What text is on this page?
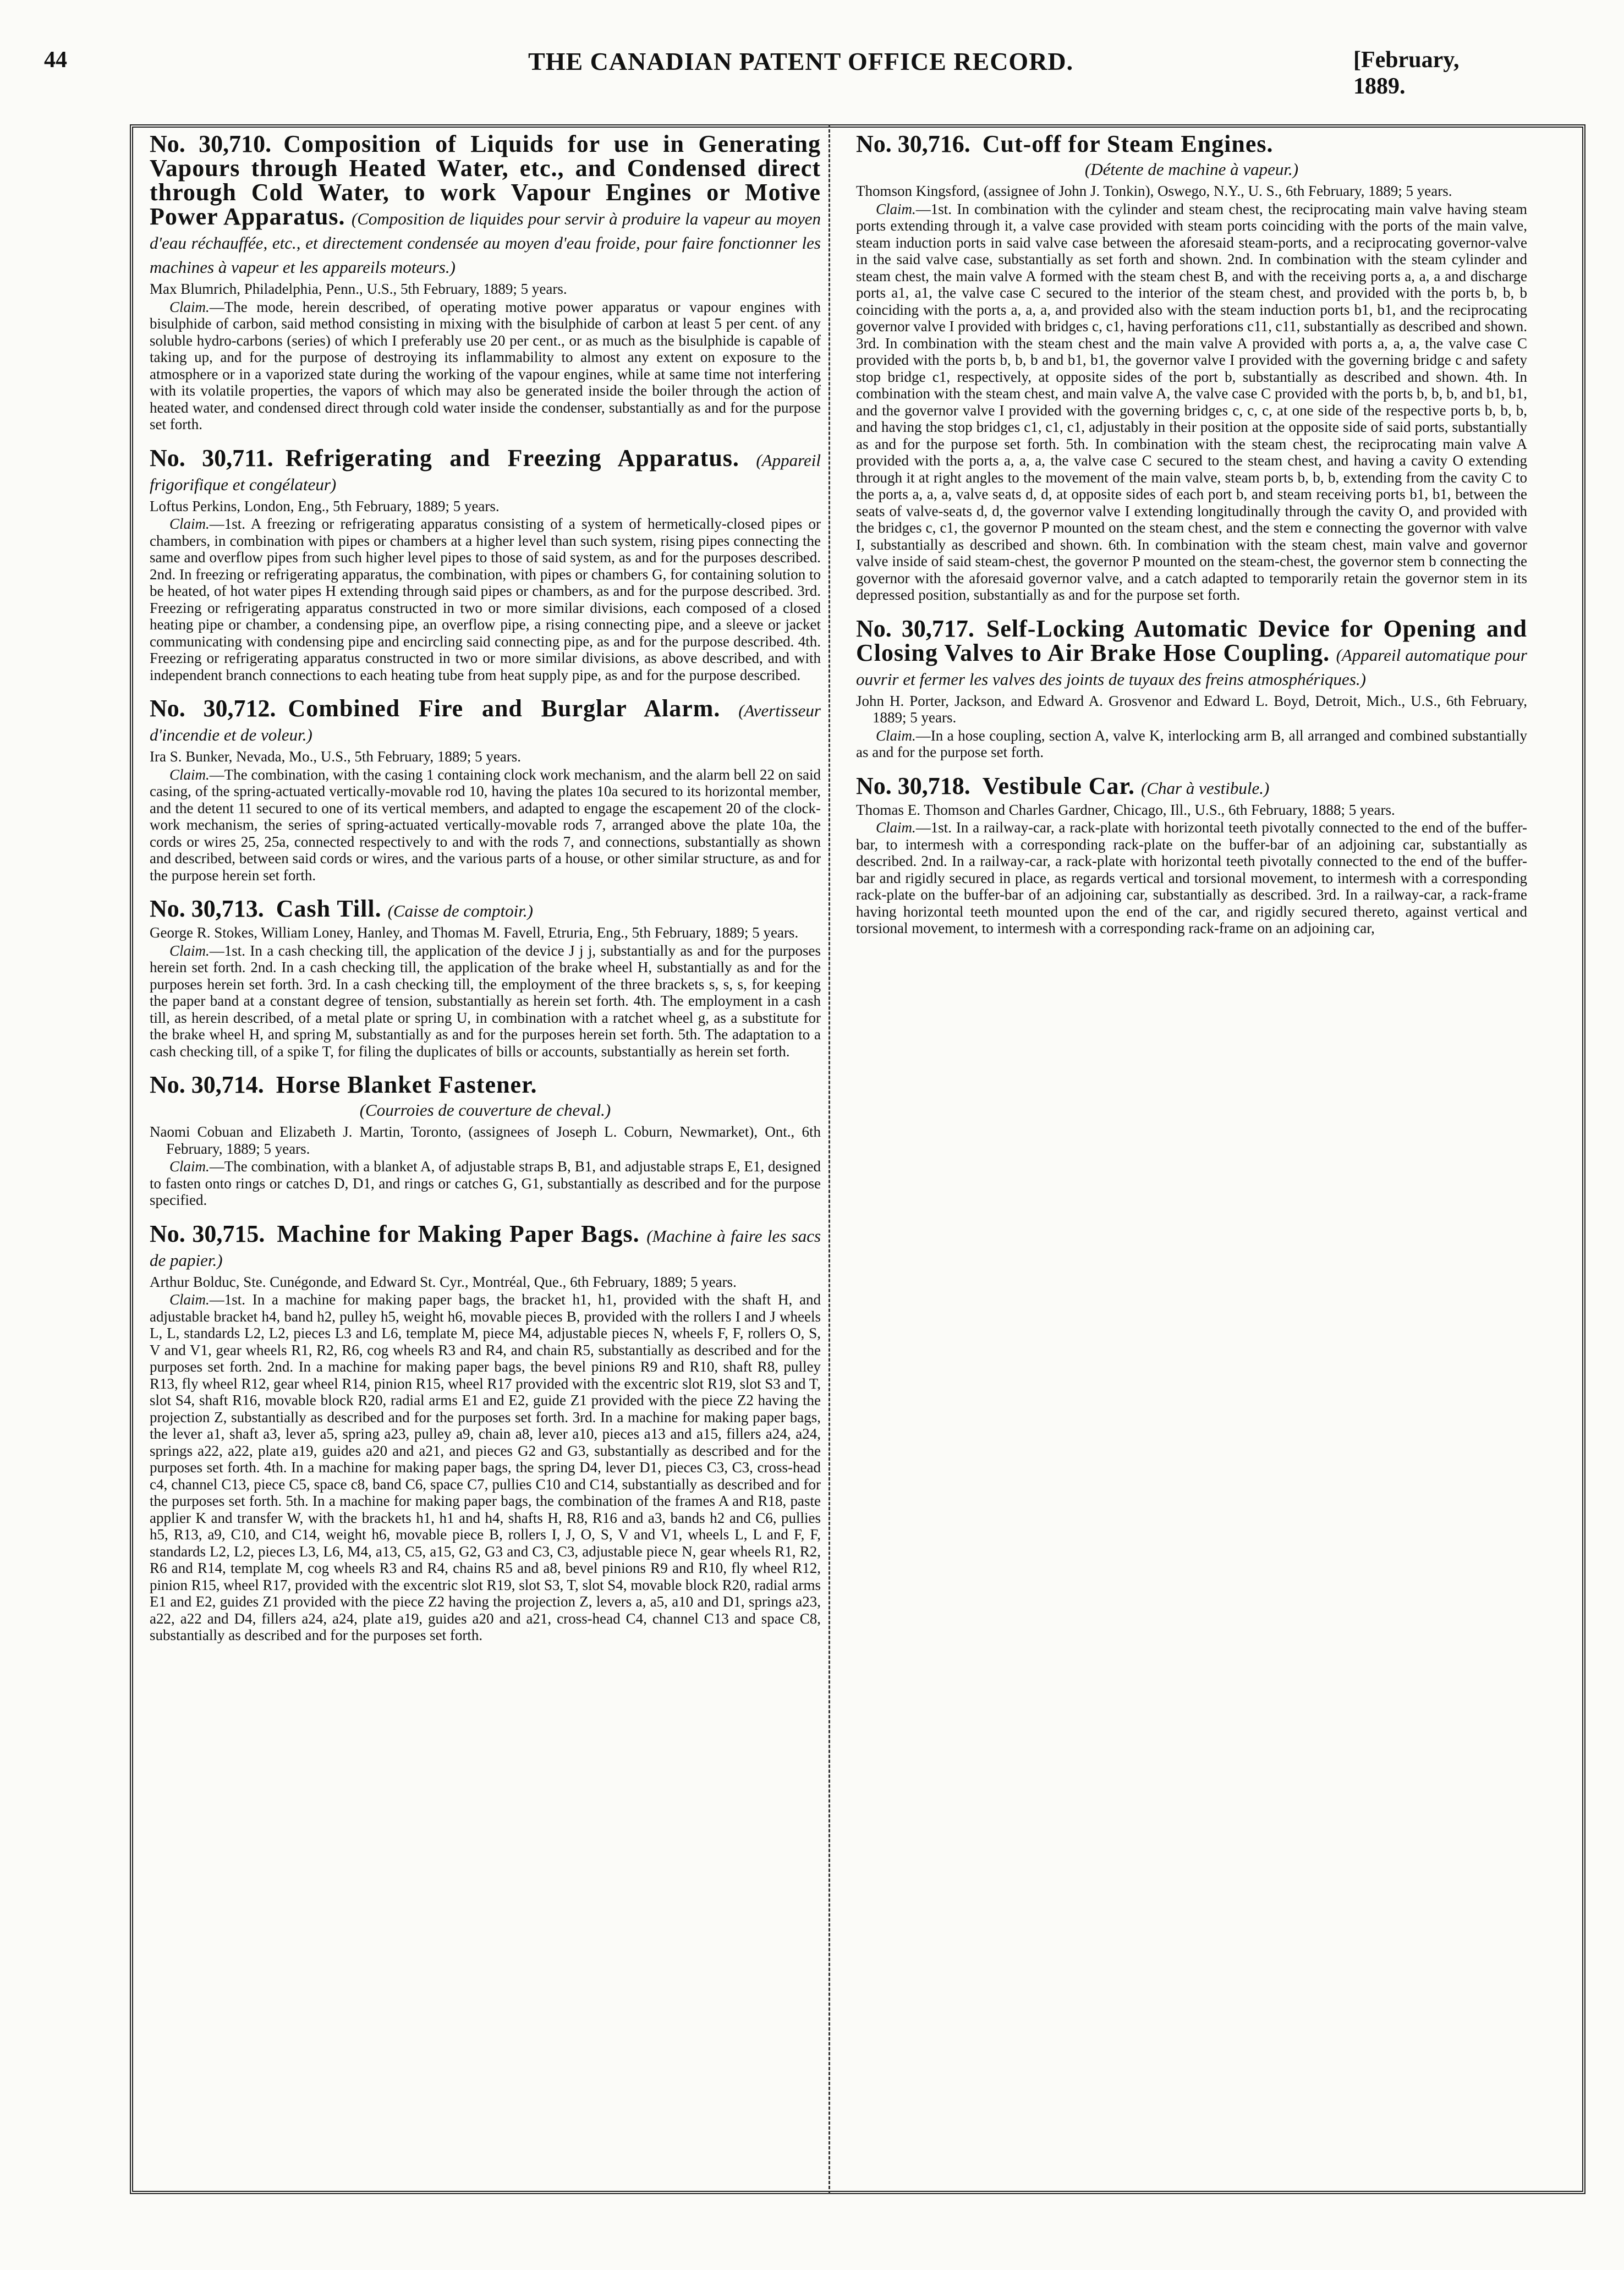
44	THE CANADIAN PATENT OFFICE RECORD.	[February, 1889.
No. 30,710. Composition of Liquids for use in Generating Vapours through Heated Water, etc., and Condensed direct through Cold Water, to work Vapour Engines or Motive Power Apparatus. (Composition de liquides pour servir à produire la vapeur au moyen d'eau réchauffée, etc., et directement condensée au moyen d'eau froide, pour faire fonctionner les machines à vapeur et les appareils moteurs.)

Max Blumrich, Philadelphia, Penn., U.S., 5th February, 1889; 5 years.

Claim.—The mode, herein described, of operating motive power apparatus or vapour engines with bisulphide of carbon, said method consisting in mixing with the bisulphide of carbon at least 5 per cent. of any soluble hydro-carbons (series) of which I preferably use 20 per cent., or as much as the bisulphide is capable of taking up, and for the purpose of destroying its inflammability to almost any extent on exposure to the atmosphere or in a vaporized state during the working of the vapour engines, while at same time not interfering with its volatile properties, the vapors of which may also be generated inside the boiler through the action of heated water, and condensed direct through cold water inside the condenser, substantially as and for the purpose set forth.

No. 30,711. Refrigerating and Freezing Apparatus. (Appareil frigorifique et congélateur)

Loftus Perkins, London, Eng., 5th February, 1889; 5 years.

Claim.—1st. A freezing or refrigerating apparatus consisting of a system of hermetically-closed pipes or chambers, in combination with pipes or chambers at a higher level than such system, rising pipes connecting the same and overflow pipes from such higher level pipes to those of said system, as and for the purposes described. 2nd. In freezing or refrigerating apparatus, the combination, with pipes or chambers G, for containing solution to be heated, of hot water pipes H extending through said pipes or chambers, as and for the purpose described. 3rd. Freezing or refrigerating apparatus constructed in two or more similar divisions, each composed of a closed heating pipe or chamber, a condensing pipe, an overflow pipe, a rising connecting pipe, and a sleeve or jacket communicating with condensing pipe and encircling said connecting pipe, as and for the purpose described. 4th. Freezing or refrigerating apparatus constructed in two or more similar divisions, as above described, and with independent branch connections to each heating tube from heat supply pipe, as and for the purpose described.

No. 30,712. Combined Fire and Burglar Alarm. (Avertisseur d'incendie et de voleur.)

Ira S. Bunker, Nevada, Mo., U.S., 5th February, 1889; 5 years.

Claim.—The combination, with the casing 1 containing clock work mechanism, and the alarm bell 22 on said casing, of the spring-actuated vertically-movable rod 10, having the plates 10a secured to its horizontal member, and the detent 11 secured to one of its vertical members, and adapted to engage the escapement 20 of the clock-work mechanism, the series of spring-actuated vertically-movable rods 7, arranged above the plate 10a, the cords or wires 25, 25a, connected respectively to and with the rods 7, and connections, substantially as shown and described, between said cords or wires, and the various parts of a house, or other similar structure, as and for the purpose herein set forth.

No. 30,713. Cash Till. (Caisse de comptoir.)

George R. Stokes, William Loney, Hanley, and Thomas M. Favell, Etruria, Eng., 5th February, 1889; 5 years.

Claim.—1st. In a cash checking till, the application of the device J j j, substantially as and for the purposes herein set forth. 2nd. In a cash checking till, the application of the brake wheel H, substantially as and for the purposes herein set forth. 3rd. In a cash checking till, the employment of the three brackets s, s, s, for keeping the paper band at a constant degree of tension, substantially as herein set forth. 4th. The employment in a cash till, as herein described, of a metal plate or spring U, in combination with a ratchet wheel g, as a substitute for the brake wheel H, and spring M, substantially as and for the purposes herein set forth. 5th. The adaptation to a cash checking till, of a spike T, for filing the duplicates of bills or accounts, substantially as herein set forth.

No. 30,714. Horse Blanket Fastener.

(Courroies de couverture de cheval.)

Naomi Cobuan and Elizabeth J. Martin, Toronto, (assignees of Joseph L. Coburn, Newmarket), Ont., 6th February, 1889; 5 years.

Claim.—The combination, with a blanket A, of adjustable straps B, B1, and adjustable straps E, E1, designed to fasten onto rings or catches D, D1, and rings or catches G, G1, substantially as described and for the purpose specified.

No. 30,715. Machine for Making Paper Bags. (Machine à faire les sacs de papier.)

Arthur Bolduc, Ste. Cunégonde, and Edward St. Cyr., Montréal, Que., 6th February, 1889; 5 years.

Claim.—1st. In a machine for making paper bags, the bracket h1, h1, provided with the shaft H, and adjustable bracket h4, band h2, pulley h5, weight h6, movable pieces B, provided with the rollers I and J wheels L, L, standards L2, L2, pieces L3 and L6, template M, piece M4, adjustable pieces N, wheels F, F, rollers O, S, V and V1, gear wheels R1, R2, R6, cog wheels R3 and R4, and chain R5, substantially as described and for the purposes set forth. 2nd. In a machine for making paper bags, the bevel pinions R9 and R10, shaft R8, pulley R13, fly wheel R12, gear wheel R14, pinion R15, wheel R17 provided with the excentric slot R19, slot S3 and T, slot S4, shaft R16, movable block R20, radial arms E1 and E2, guide Z1 provided with the piece Z2 having the projection Z, substantially as described and for the purposes set forth. 3rd. In a machine for making paper bags, the lever a1, shaft a3, lever a5, spring a23, pulley a9, chain a8, lever a10, pieces a13 and a15, fillers a24, a24, springs a22, a22, plate a19, guides a20 and a21, and pieces G2 and G3, substantially as described and for the purposes set forth. 4th. In a machine for making paper bags, the spring D4, lever D1, pieces C3, C3, cross-head c4, channel C13, piece C5, space c8, band C6, space C7, pullies C10 and C14, substantially as described and for the purposes set forth. 5th. In a machine for making paper bags, the combination of the frames A and R18, paste applier K and transfer W, with the brackets h1, h1 and h4, shafts H, R8, R16 and a3, bands h2 and C6, pullies h5, R13, a9, C10, and C14, weight h6, movable piece B, rollers I, J, O, S, V and V1, wheels L, L and F, F, standards L2, L2, pieces L3, L6, M4, a13, C5, a15, G2, G3 and C3, C3, adjustable piece N, gear wheels R1, R2, R6 and R14, template M, cog wheels R3 and R4, chains R5 and a8, bevel pinions R9 and R10, fly wheel R12, pinion R15, wheel R17, provided with the excentric slot R19, slot S3, T, slot S4, movable block R20, radial arms E1 and E2, guides Z1 provided with the piece Z2 having the projection Z, levers a, a5, a10 and D1, springs a23, a22, a22 and D4, fillers a24, a24, plate a19, guides a20 and a21, cross-head C4, channel C13 and space C8, substantially as described and for the purposes set forth.

No. 30,716. Cut-off for Steam Engines.

(Détente de machine à vapeur.)

Thomson Kingsford, (assignee of John J. Tonkin), Oswego, N.Y., U. S., 6th February, 1889; 5 years.

Claim.—1st. In combination with the cylinder and steam chest, the reciprocating main valve having steam ports extending through it, a valve case provided with steam ports coinciding with the ports of the main valve, steam induction ports in said valve case between the aforesaid steam-ports, and a reciprocating governor-valve in the said valve case, substantially as set forth and shown. 2nd. In combination with the steam cylinder and steam chest, the main valve A formed with the steam chest B, and with the receiving ports a, a, a and discharge ports a1, a1, the valve case C secured to the interior of the steam chest, and provided with the ports b, b, b coinciding with the ports a, a, a, and provided also with the steam induction ports b1, b1, and the reciprocating governor valve I provided with bridges c, c1, having perforations c11, c11, substantially as described and shown. 3rd. In combination with the steam chest and the main valve A provided with ports a, a, a, the valve case C provided with the ports b, b, b and b1, b1, the governor valve I provided with the governing bridge c and safety stop bridge c1, respectively, at opposite sides of the port b, substantially as described and shown. 4th. In combination with the steam chest, and main valve A, the valve case C provided with the ports b, b, b, and b1, b1, and the governor valve I provided with the governing bridges c, c, c, at one side of the respective ports b, b, b, and having the stop bridges c1, c1, c1, adjustably in their position at the opposite side of said ports, substantially as and for the purpose set forth. 5th. In combination with the steam chest, the reciprocating main valve A provided with the ports a, a, a, the valve case C secured to the steam chest, and having a cavity O extending through it at right angles to the movement of the main valve, steam ports b, b, b, extending from the cavity C to the ports a, a, a, valve seats d, d, at opposite sides of each port b, and steam receiving ports b1, b1, between the seats of valve-seats d, d, the governor valve I extending longitudinally through the cavity O, and provided with the bridges c, c1, the governor P mounted on the steam chest, and the stem e connecting the governor with valve I, substantially as described and shown. 6th. In combination with the steam chest, main valve and governor valve inside of said steam-chest, the governor P mounted on the steam-chest, the governor stem b connecting the governor with the aforesaid governor valve, and a catch adapted to temporarily retain the governor stem in its depressed position, substantially as and for the purpose set forth.

No. 30,717. Self-Locking Automatic Device for Opening and Closing Valves to Air Brake Hose Coupling. (Appareil automatique pour ouvrir et fermer les valves des joints de tuyaux des freins atmosphériques.)

John H. Porter, Jackson, and Edward A. Grosvenor and Edward L. Boyd, Detroit, Mich., U.S., 6th February, 1889; 5 years.

Claim.—In a hose coupling, section A, valve K, interlocking arm B, all arranged and combined substantially as and for the purpose set forth.

No. 30,718. Vestibule Car. (Char à vestibule.)

Thomas E. Thomson and Charles Gardner, Chicago, Ill., U.S., 6th February, 1888; 5 years.

Claim.—1st. In a railway-car, a rack-plate with horizontal teeth pivotally connected to the end of the buffer-bar, to intermesh with a corresponding rack-plate on the buffer-bar of an adjoining car, substantially as described. 2nd. In a railway-car, a rack-plate with horizontal teeth pivotally connected to the end of the buffer-bar and rigidly secured in place, as regards vertical and torsional movement, to intermesh with a corresponding rack-plate on the buffer-bar of an adjoining car, substantially as described. 3rd. In a railway-car, a rack-frame having horizontal teeth mounted upon the end of the car, and rigidly secured thereto, against vertical and torsional movement, to intermesh with a corresponding rack-frame on an adjoining car,
